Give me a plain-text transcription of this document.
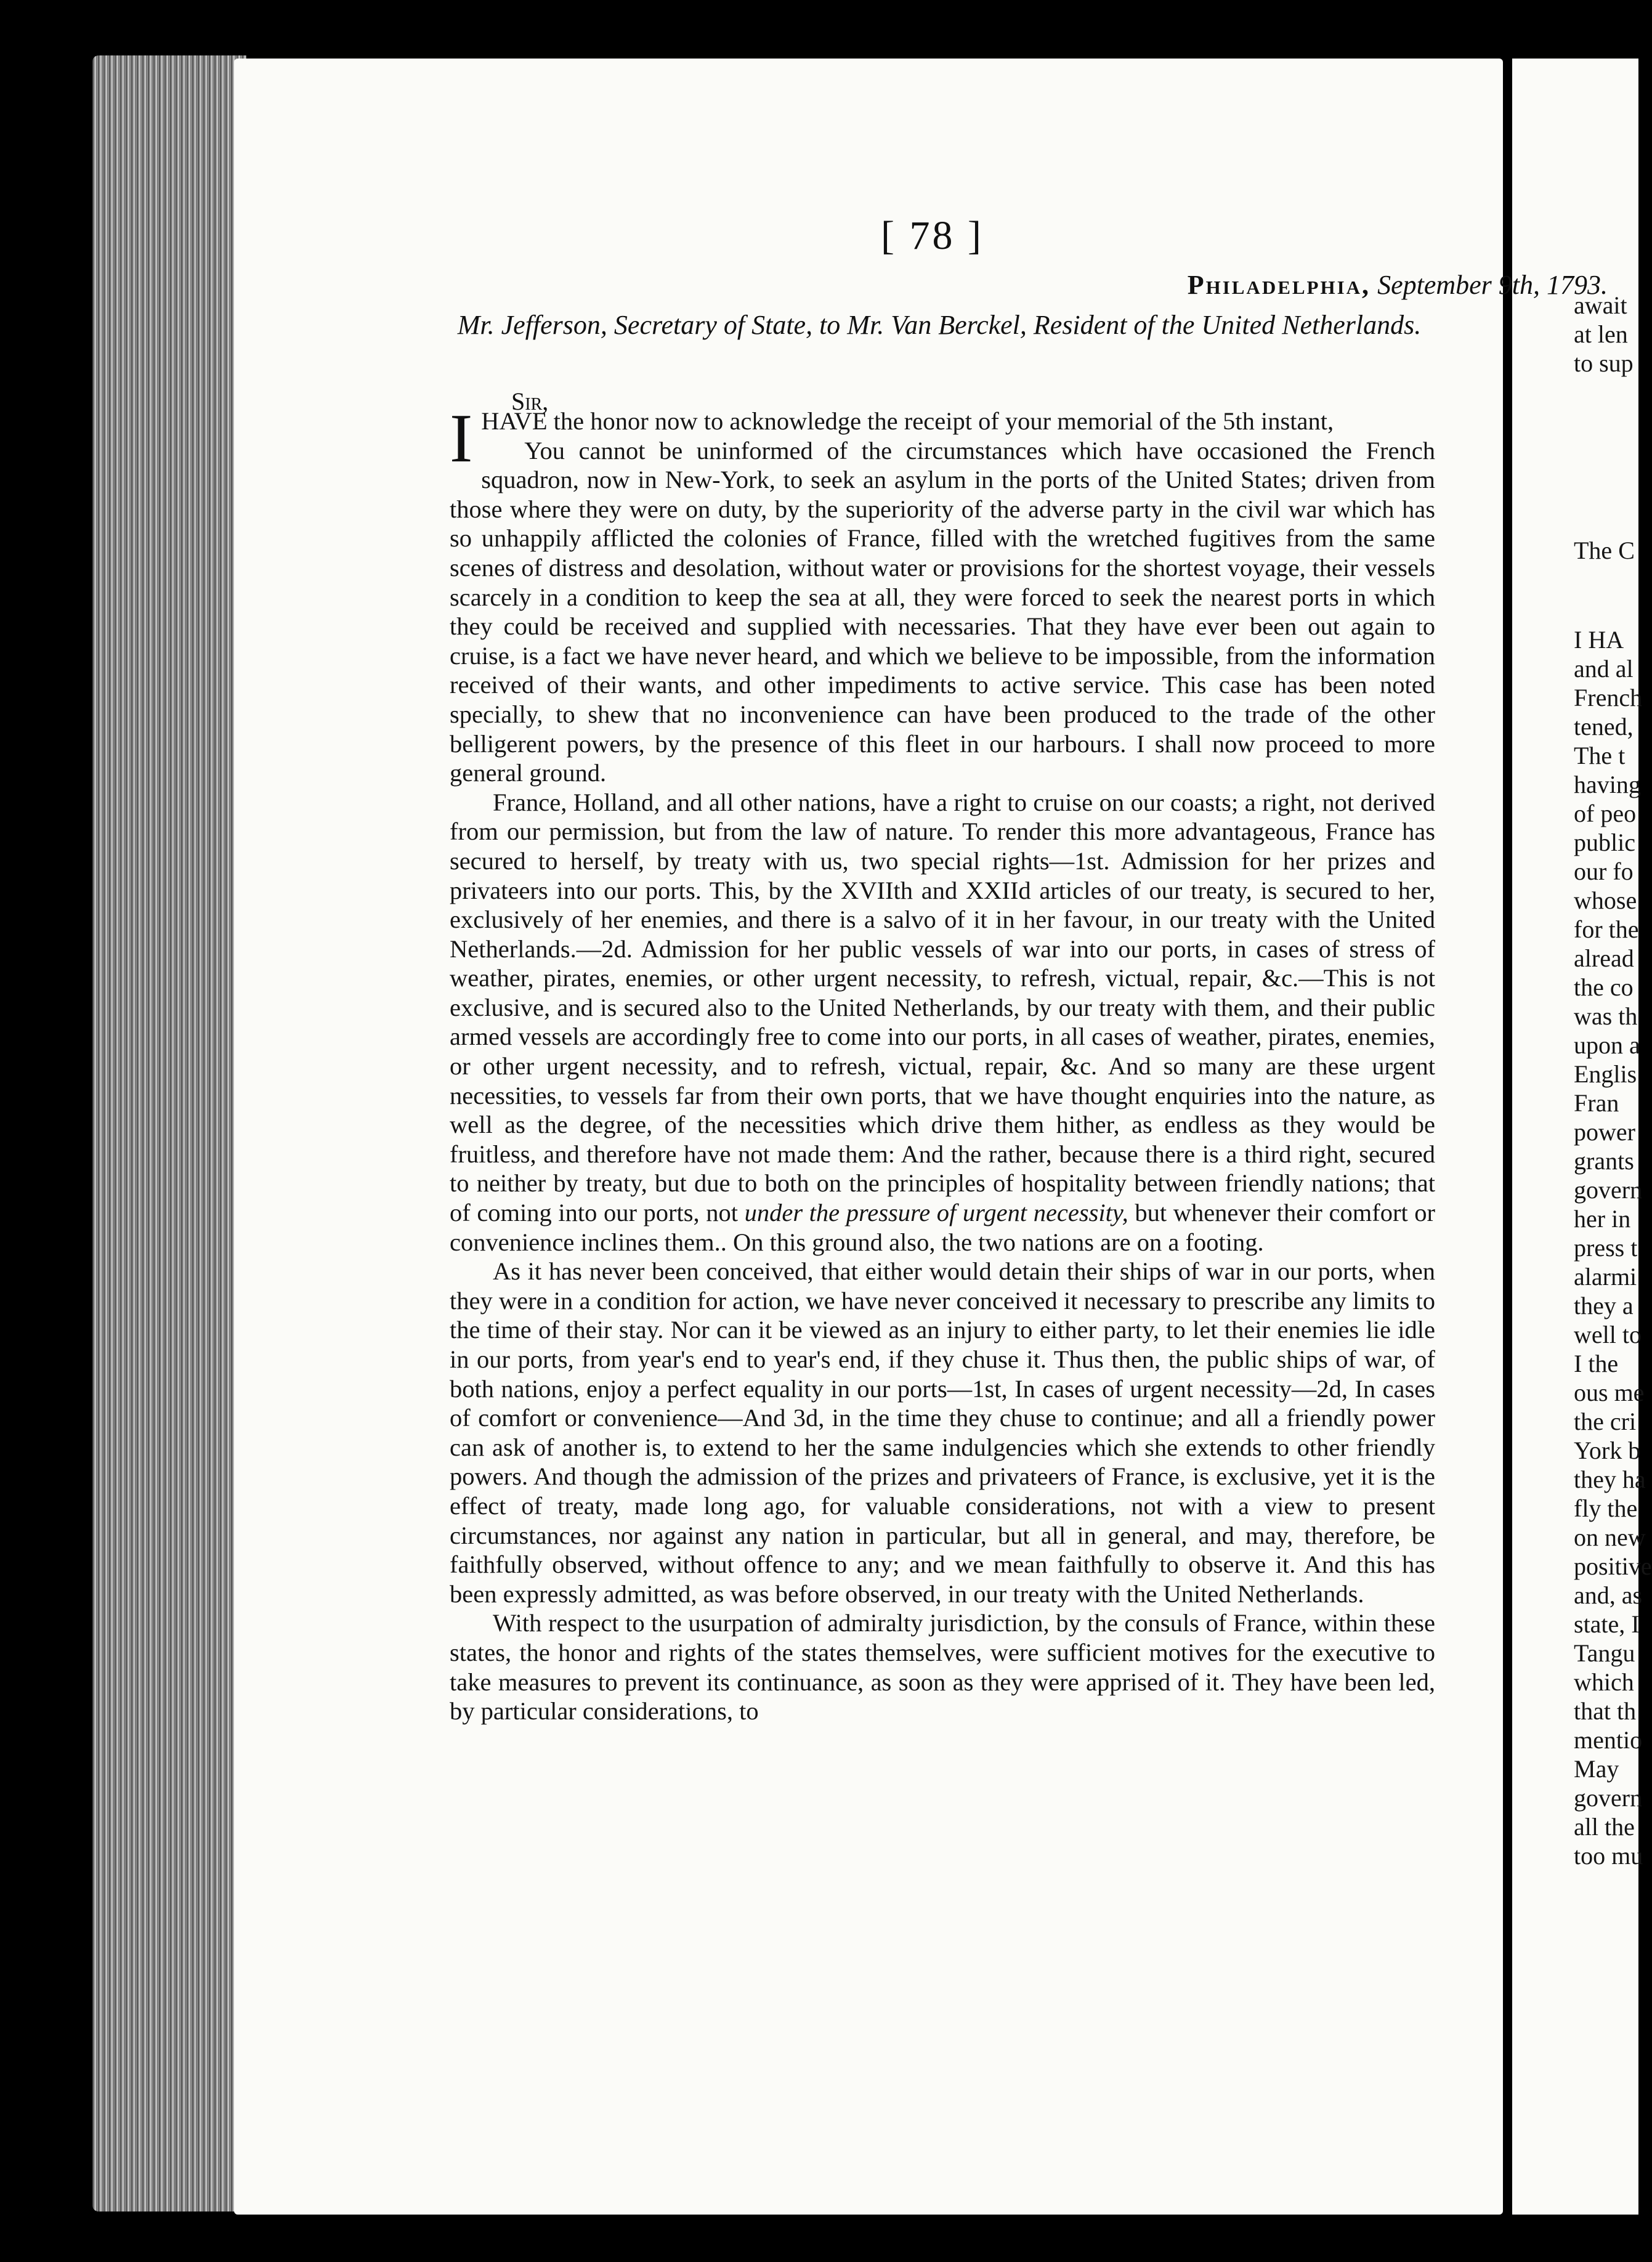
[ 78 ]
Philadelphia, September 9th, 1793.
Mr. Jefferson, Secretary of State, to Mr. Van Berckel, Resident of the United Netherlands.
Sir,

IHAVE the honor now to acknowledge the receipt of your memorial of the 5th instant,

You cannot be uninformed of the circumstances which have occasioned the French squadron, now in New-York, to seek an asylum in the ports of the United States; driven from those where they were on duty, by the superiority of the adverse party in the civil war which has so unhappily afflicted the colonies of France, filled with the wretched fugitives from the same scenes of distress and desolation, without water or provisions for the shortest voyage, their vessels scarcely in a condition to keep the sea at all, they were forced to seek the nearest ports in which they could be received and supplied with necessaries. That they have ever been out again to cruise, is a fact we have never heard, and which we believe to be impossible, from the information received of their wants, and other impediments to active service. This case has been noted specially, to shew that no inconvenience can have been produced to the trade of the other belligerent powers, by the presence of this fleet in our harbours. I shall now proceed to more general ground.

France, Holland, and all other nations, have a right to cruise on our coasts; a right, not derived from our permission, but from the law of nature. To render this more advantageous, France has secured to herself, by treaty with us, two special rights—1st. Admission for her prizes and privateers into our ports. This, by the XVIIth and XXIId articles of our treaty, is secured to her, exclusively of her enemies, and there is a salvo of it in her favour, in our treaty with the United Netherlands.—2d. Admission for her public vessels of war into our ports, in cases of stress of weather, pirates, enemies, or other urgent necessity, to refresh, victual, repair, &c.—This is not exclusive, and is secured also to the United Netherlands, by our treaty with them, and their public armed vessels are accordingly free to come into our ports, in all cases of weather, pirates, enemies, or other urgent necessity, and to refresh, victual, repair, &c. And so many are these urgent necessities, to vessels far from their own ports, that we have thought enquiries into the nature, as well as the degree, of the necessities which drive them hither, as endless as they would be fruitless, and therefore have not made them: And the rather, because there is a third right, secured to neither by treaty, but due to both on the principles of hospitality between friendly nations; that of coming into our ports, not under the pressure of urgent necessity, but whenever their comfort or convenience inclines them.. On this ground also, the two nations are on a footing.

As it has never been conceived, that either would detain their ships of war in our ports, when they were in a condition for action, we have never conceived it necessary to prescribe any limits to the time of their stay. Nor can it be viewed as an injury to either party, to let their enemies lie idle in our ports, from year's end to year's end, if they chuse it. Thus then, the public ships of war, of both nations, enjoy a perfect equality in our ports—1st, In cases of urgent necessity—2d, In cases of comfort or convenience—And 3d, in the time they chuse to continue; and all a friendly power can ask of another is, to extend to her the same indulgencies which she extends to other friendly powers. And though the admission of the prizes and privateers of France, is exclusive, yet it is the effect of treaty, made long ago, for valuable considerations, not with a view to present circumstances, nor against any nation in particular, but all in general, and may, therefore, be faithfully observed, without offence to any; and we mean faithfully to observe it. And this has been expressly admitted, as was before observed, in our treaty with the United Netherlands.

With respect to the usurpation of admiralty jurisdiction, by the consuls of France, within these states, the honor and rights of the states themselves, were sufficient motives for the executive to take measures to prevent its continuance, as soon as they were apprised of it. They have been led, by particular considerations, to

await
at len
to sup
The C
I HA
and al
French
tened,
The t
having
of peo
public
our fo
whose
for the
alread
the co
was th
upon a
Englis
Fran
power
grants
govern
her in
press t
alarmi
they a
well to
I the
ous me
the cri
York b
they ha
fly the
on new
positive
and, as
state, I
Tangu
which
that th
mentio
May
govern
all the
too mu
